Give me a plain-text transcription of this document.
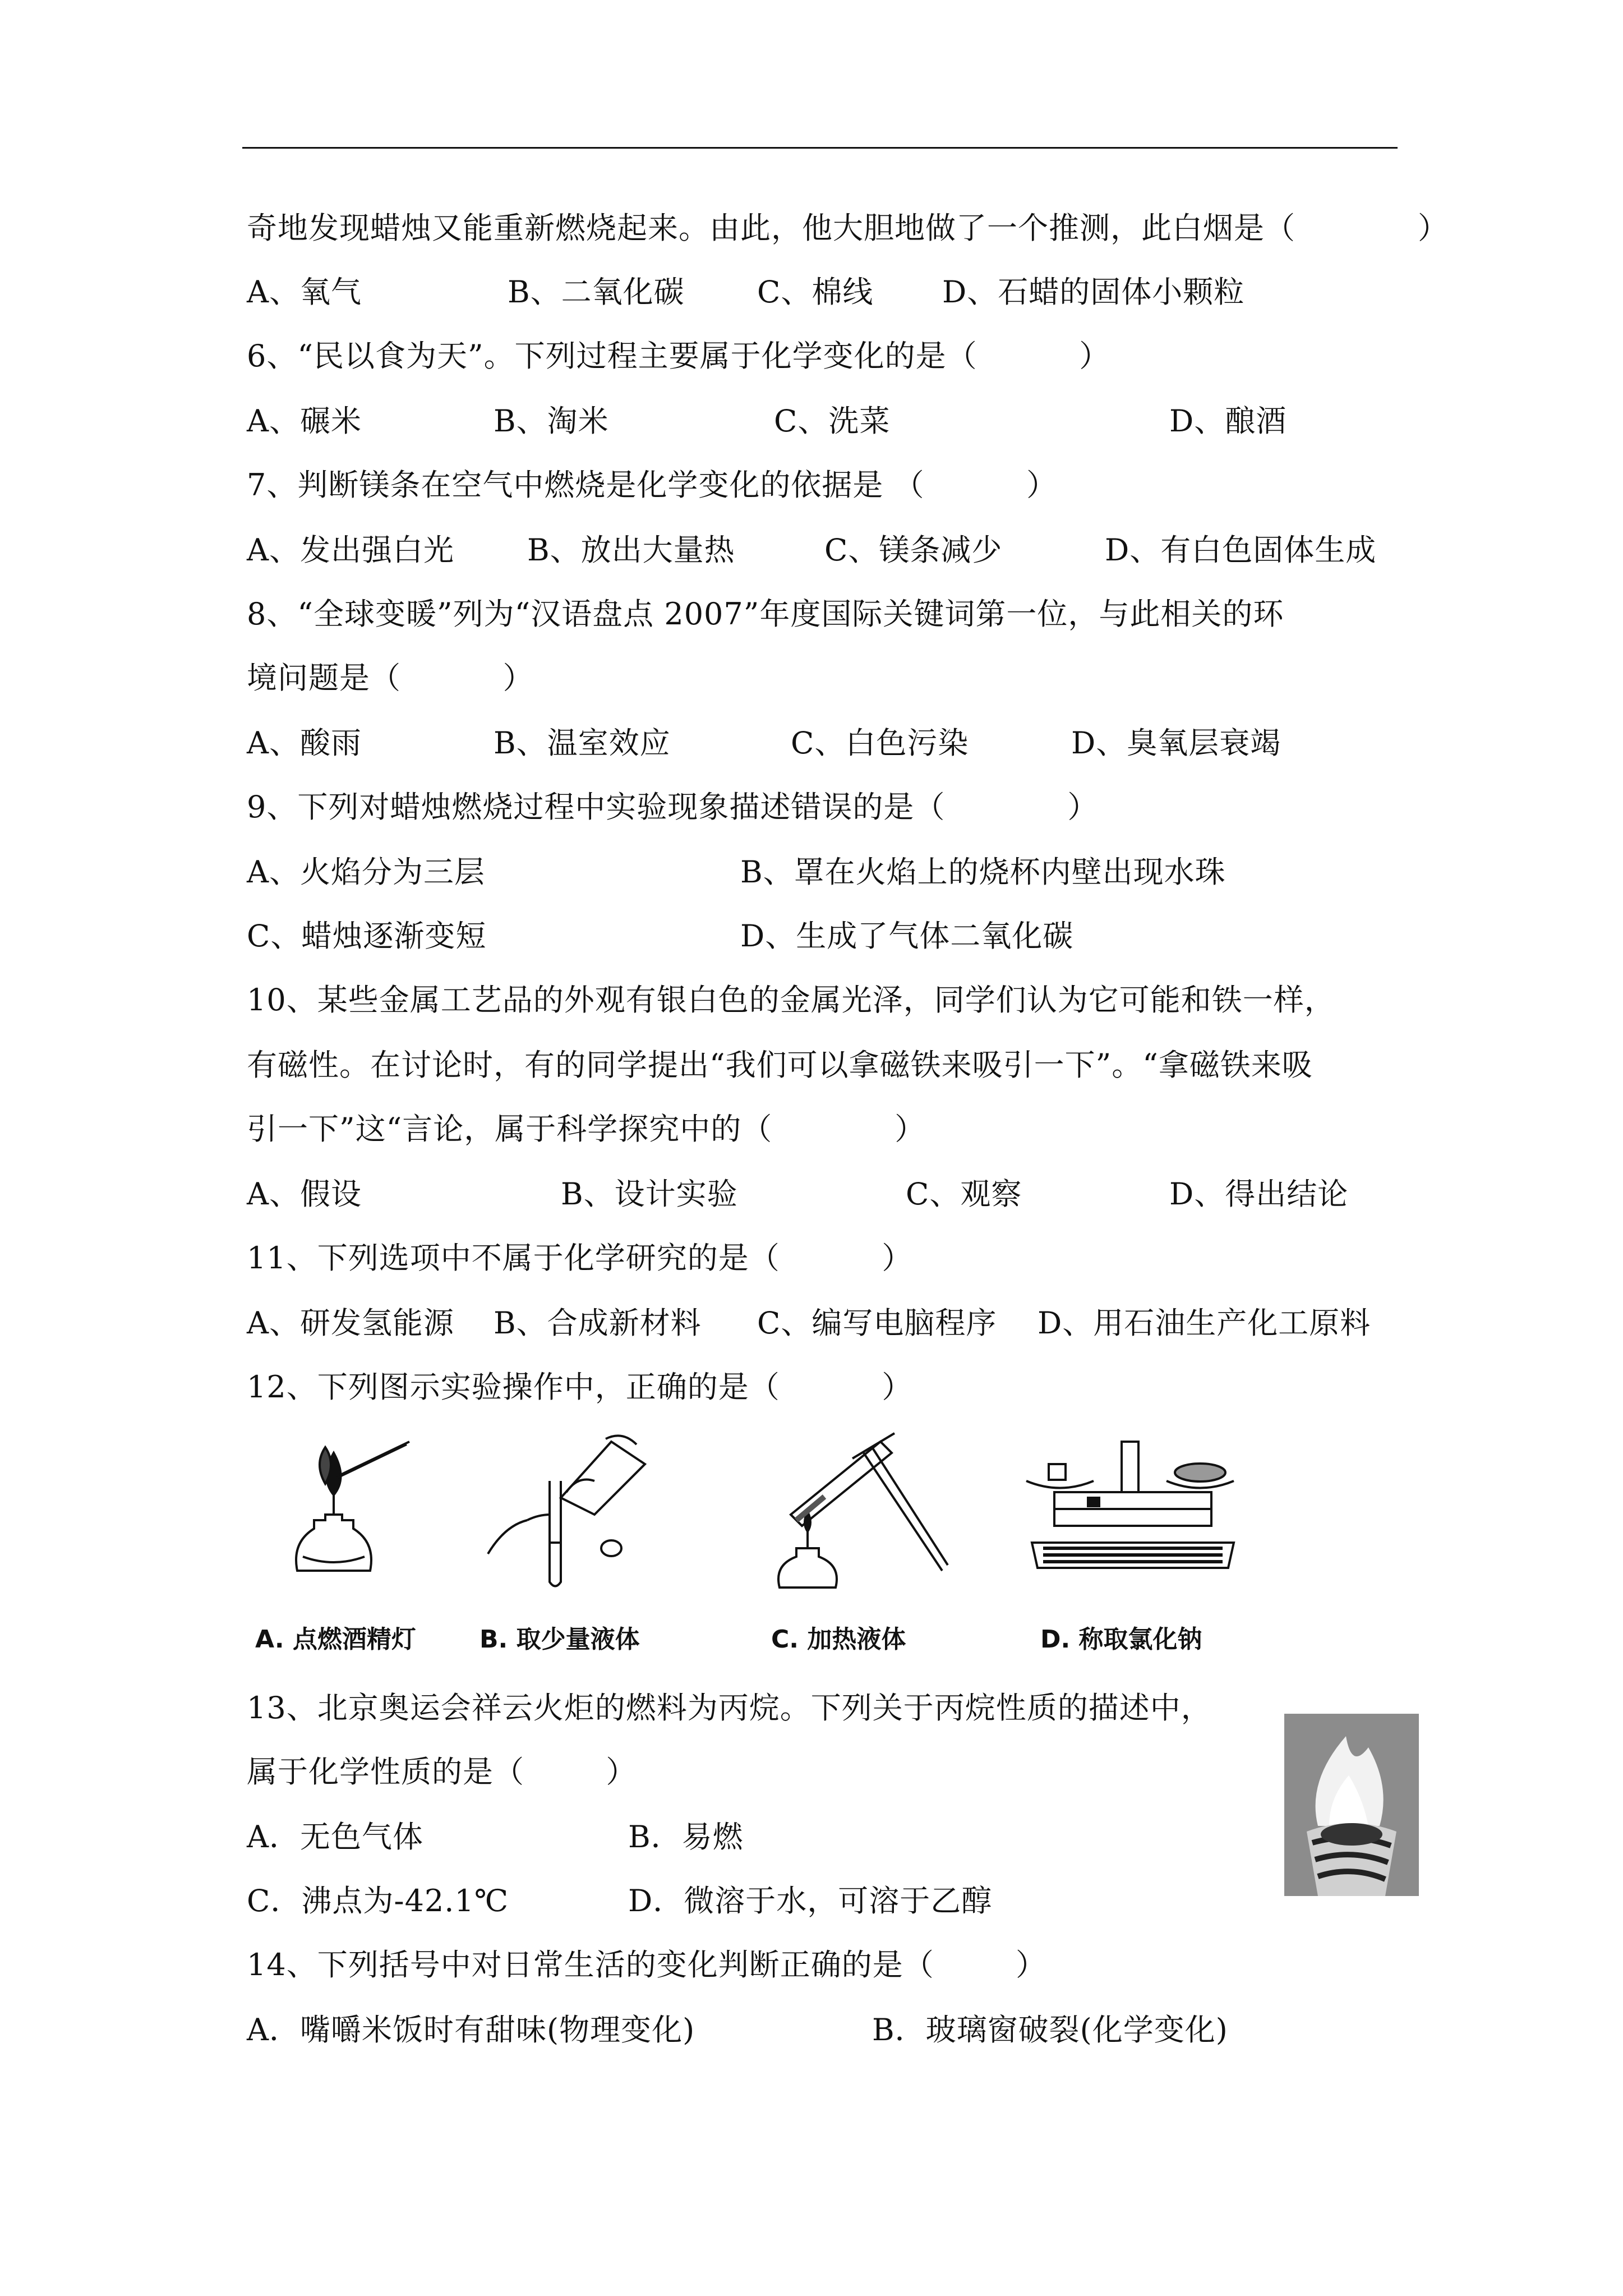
奇地发现蜡烛又能重新燃烧起来。由此，他大胆地做了一个推测，此白烟是（            ）
A、氧气	B、二氧化碳 C、棉线 D、石蜡的固体小颗粒
6、“民以食为天”。下列过程主要属于化学变化的是（          ）
A、碾米	B、淘米	C、洗菜	D、酿酒
7、判断镁条在空气中燃烧是化学变化的依据是 （          ）
A、发出强白光 B、放出大量热	C、镁条减少	D、有白色固体生成
8、“全球变暖”列为“汉语盘点 2007”年度国际关键词第一位，与此相关的环
境问题是（          ）
A、酸雨	B、温室效应	C、白色污染	D、臭氧层衰竭
9、下列对蜡烛燃烧过程中实验现象描述错误的是（            ）
A、火焰分为三层	B、罩在火焰上的烧杯内壁出现水珠
C、蜡烛逐渐变短	D、生成了气体二氧化碳
10、某些金属工艺品的外观有银白色的金属光泽，同学们认为它可能和铁一样，
有磁性。在讨论时，有的同学提出“我们可以拿磁铁来吸引一下”。“拿磁铁来吸
引一下”这“言论，属于科学探究中的（            ）
A、假设	B、设计实验	C、观察	D、得出结论
11、下列选项中不属于化学研究的是（          ）
A、研发氢能源 B、合成新材料 C、编写电脑程序 D、用石油生产化工原料
12、下列图示实验操作中，正确的是（          ）
A. 点燃酒精灯	B. 取少量液体	C. 加热液体	D. 称取氯化钠
13、北京奥运会祥云火炬的燃料为丙烷。下列关于丙烷性质的描述中，
属于化学性质的是（        ）
A．无色气体	B．易燃
C．沸点为-42.1℃	D．微溶于水，可溶于乙醇
14、下列括号中对日常生活的变化判断正确的是（        ）
A．嘴嚼米饭时有甜味(物理变化)	B．玻璃窗破裂(化学变化)
